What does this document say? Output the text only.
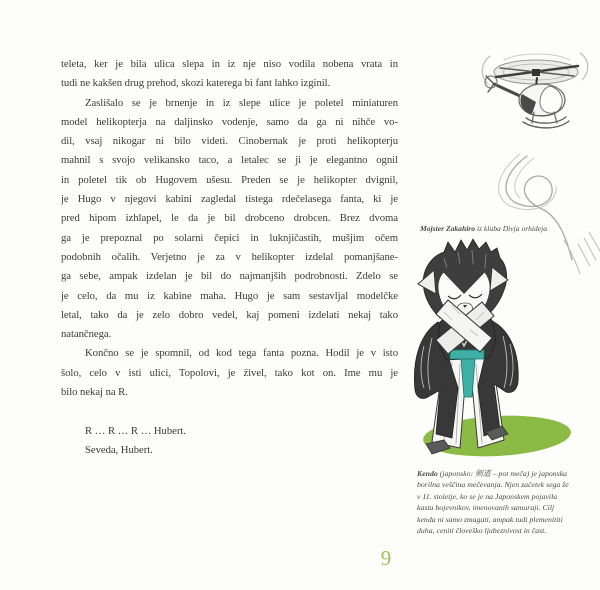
teleta, ker je bila ulica slepa in iz nje niso vodila nobena vrata in
tudi ne kakšen drug prehod, skozi katerega bi fant lahko izginil.
Zaslišalo se je brnenje in iz slepe ulice je poletel miniaturen
model helikopterja na daljinsko vodenje, samo da ga ni nihče vo-
dil, vsaj nikogar ni bilo videti. Cinobernak je proti helikopterju
mahnil s svojo velikansko taco, a letalec se ji je elegantno ognil
in poletel tik ob Hugovem ušesu. Preden se je helikopter dvignil,
je Hugo v njegovi kabini zagledal tistega rdečelasega fanta, ki je
pred hipom izhlapel, le da je bil drobceno drobcen. Brez dvoma
ga je prepoznal po solarni čepici in luknjičastih, mušjim očem
podobnih očalih. Verjetno je za v helikopter izdelal pomanjšane-
ga sebe, ampak izdelan je bil do najmanjših podrobnosti. Zdelo se
je celo, da mu iz kabine maha. Hugo je sam sestavljal modelčke
letal, tako da je zelo dobro vedel, kaj pomeni izdelati nekaj tako
natančnega.
Končno se je spomnil, od kod tega fanta pozna. Hodil je v isto
šolo, celo v isti ulici, Topolovi, je živel, tako kot on. Ime mu je
bilo nekaj na R.
R … R … R … Hubert.
Seveda, Hubert.
Mojster Zakahiro iz kluba Divja orhideja
Kendo (japonsko: 剣道 – pot meča) je japonska borilna veščina mečevanja. Njen začetek sega že v 11. stoletje, ko se je na Japonskem pojavila kasta bojevnikov, imenovanih samuraji. Cilj kenda ni samo zmagati, ampak tudi plemenititi duha, ceniti človeško ljubeznivost in čast.
9
